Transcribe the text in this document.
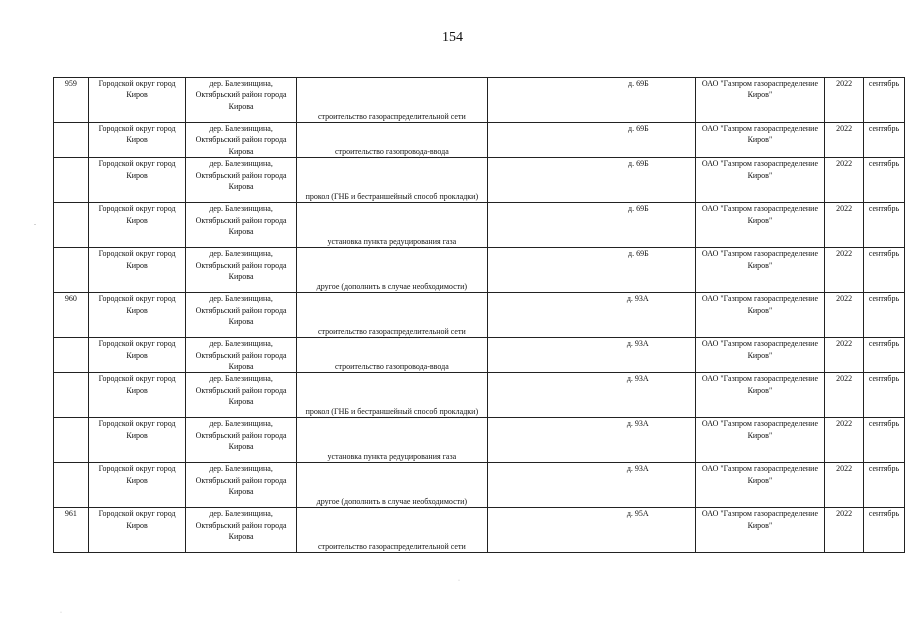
154
959	Городской округ город Киров	дер. Балезинщина, Октябрьский район города Кирова	строительство газораспределительной сети	д. 69Б	ОАО "Газпром газораспределение Киров"	2022	сентябрь
	Городской округ город Киров	дер. Балезинщина, Октябрьский район города Кирова	строительство газопровода-ввода	д. 69Б	ОАО "Газпром газораспределение Киров"	2022	сентябрь
	Городской округ город Киров	дер. Балезинщина, Октябрьский район города Кирова	прокол (ГНБ и бестраншейный способ прокладки)	д. 69Б	ОАО "Газпром газораспределение Киров"	2022	сентябрь
	Городской округ город Киров	дер. Балезинщина, Октябрьский район города Кирова	установка пункта редуцирования газа	д. 69Б	ОАО "Газпром газораспределение Киров"	2022	сентябрь
	Городской округ город Киров	дер. Балезинщина, Октябрьский район города Кирова	другое (дополнить в случае необходимости)	д. 69Б	ОАО "Газпром газораспределение Киров"	2022	сентябрь
960	Городской округ город Киров	дер. Балезинщина, Октябрьский район города Кирова	строительство газораспределительной сети	д. 93А	ОАО "Газпром газораспределение Киров"	2022	сентябрь
	Городской округ город Киров	дер. Балезинщина, Октябрьский район города Кирова	строительство газопровода-ввода	д. 93А	ОАО "Газпром газораспределение Киров"	2022	сентябрь
	Городской округ город Киров	дер. Балезинщина, Октябрьский район города Кирова	прокол (ГНБ и бестраншейный способ прокладки)	д. 93А	ОАО "Газпром газораспределение Киров"	2022	сентябрь
	Городской округ город Киров	дер. Балезинщина, Октябрьский район города Кирова	установка пункта редуцирования газа	д. 93А	ОАО "Газпром газораспределение Киров"	2022	сентябрь
	Городской округ город Киров	дер. Балезинщина, Октябрьский район города Кирова	другое (дополнить в случае необходимости)	д. 93А	ОАО "Газпром газораспределение Киров"	2022	сентябрь
961	Городской округ город Киров	дер. Балезинщина, Октябрьский район города Кирова	строительство газораспределительной сети	д. 95А	ОАО "Газпром газораспределение Киров"	2022	сентябрь
-
·
·
